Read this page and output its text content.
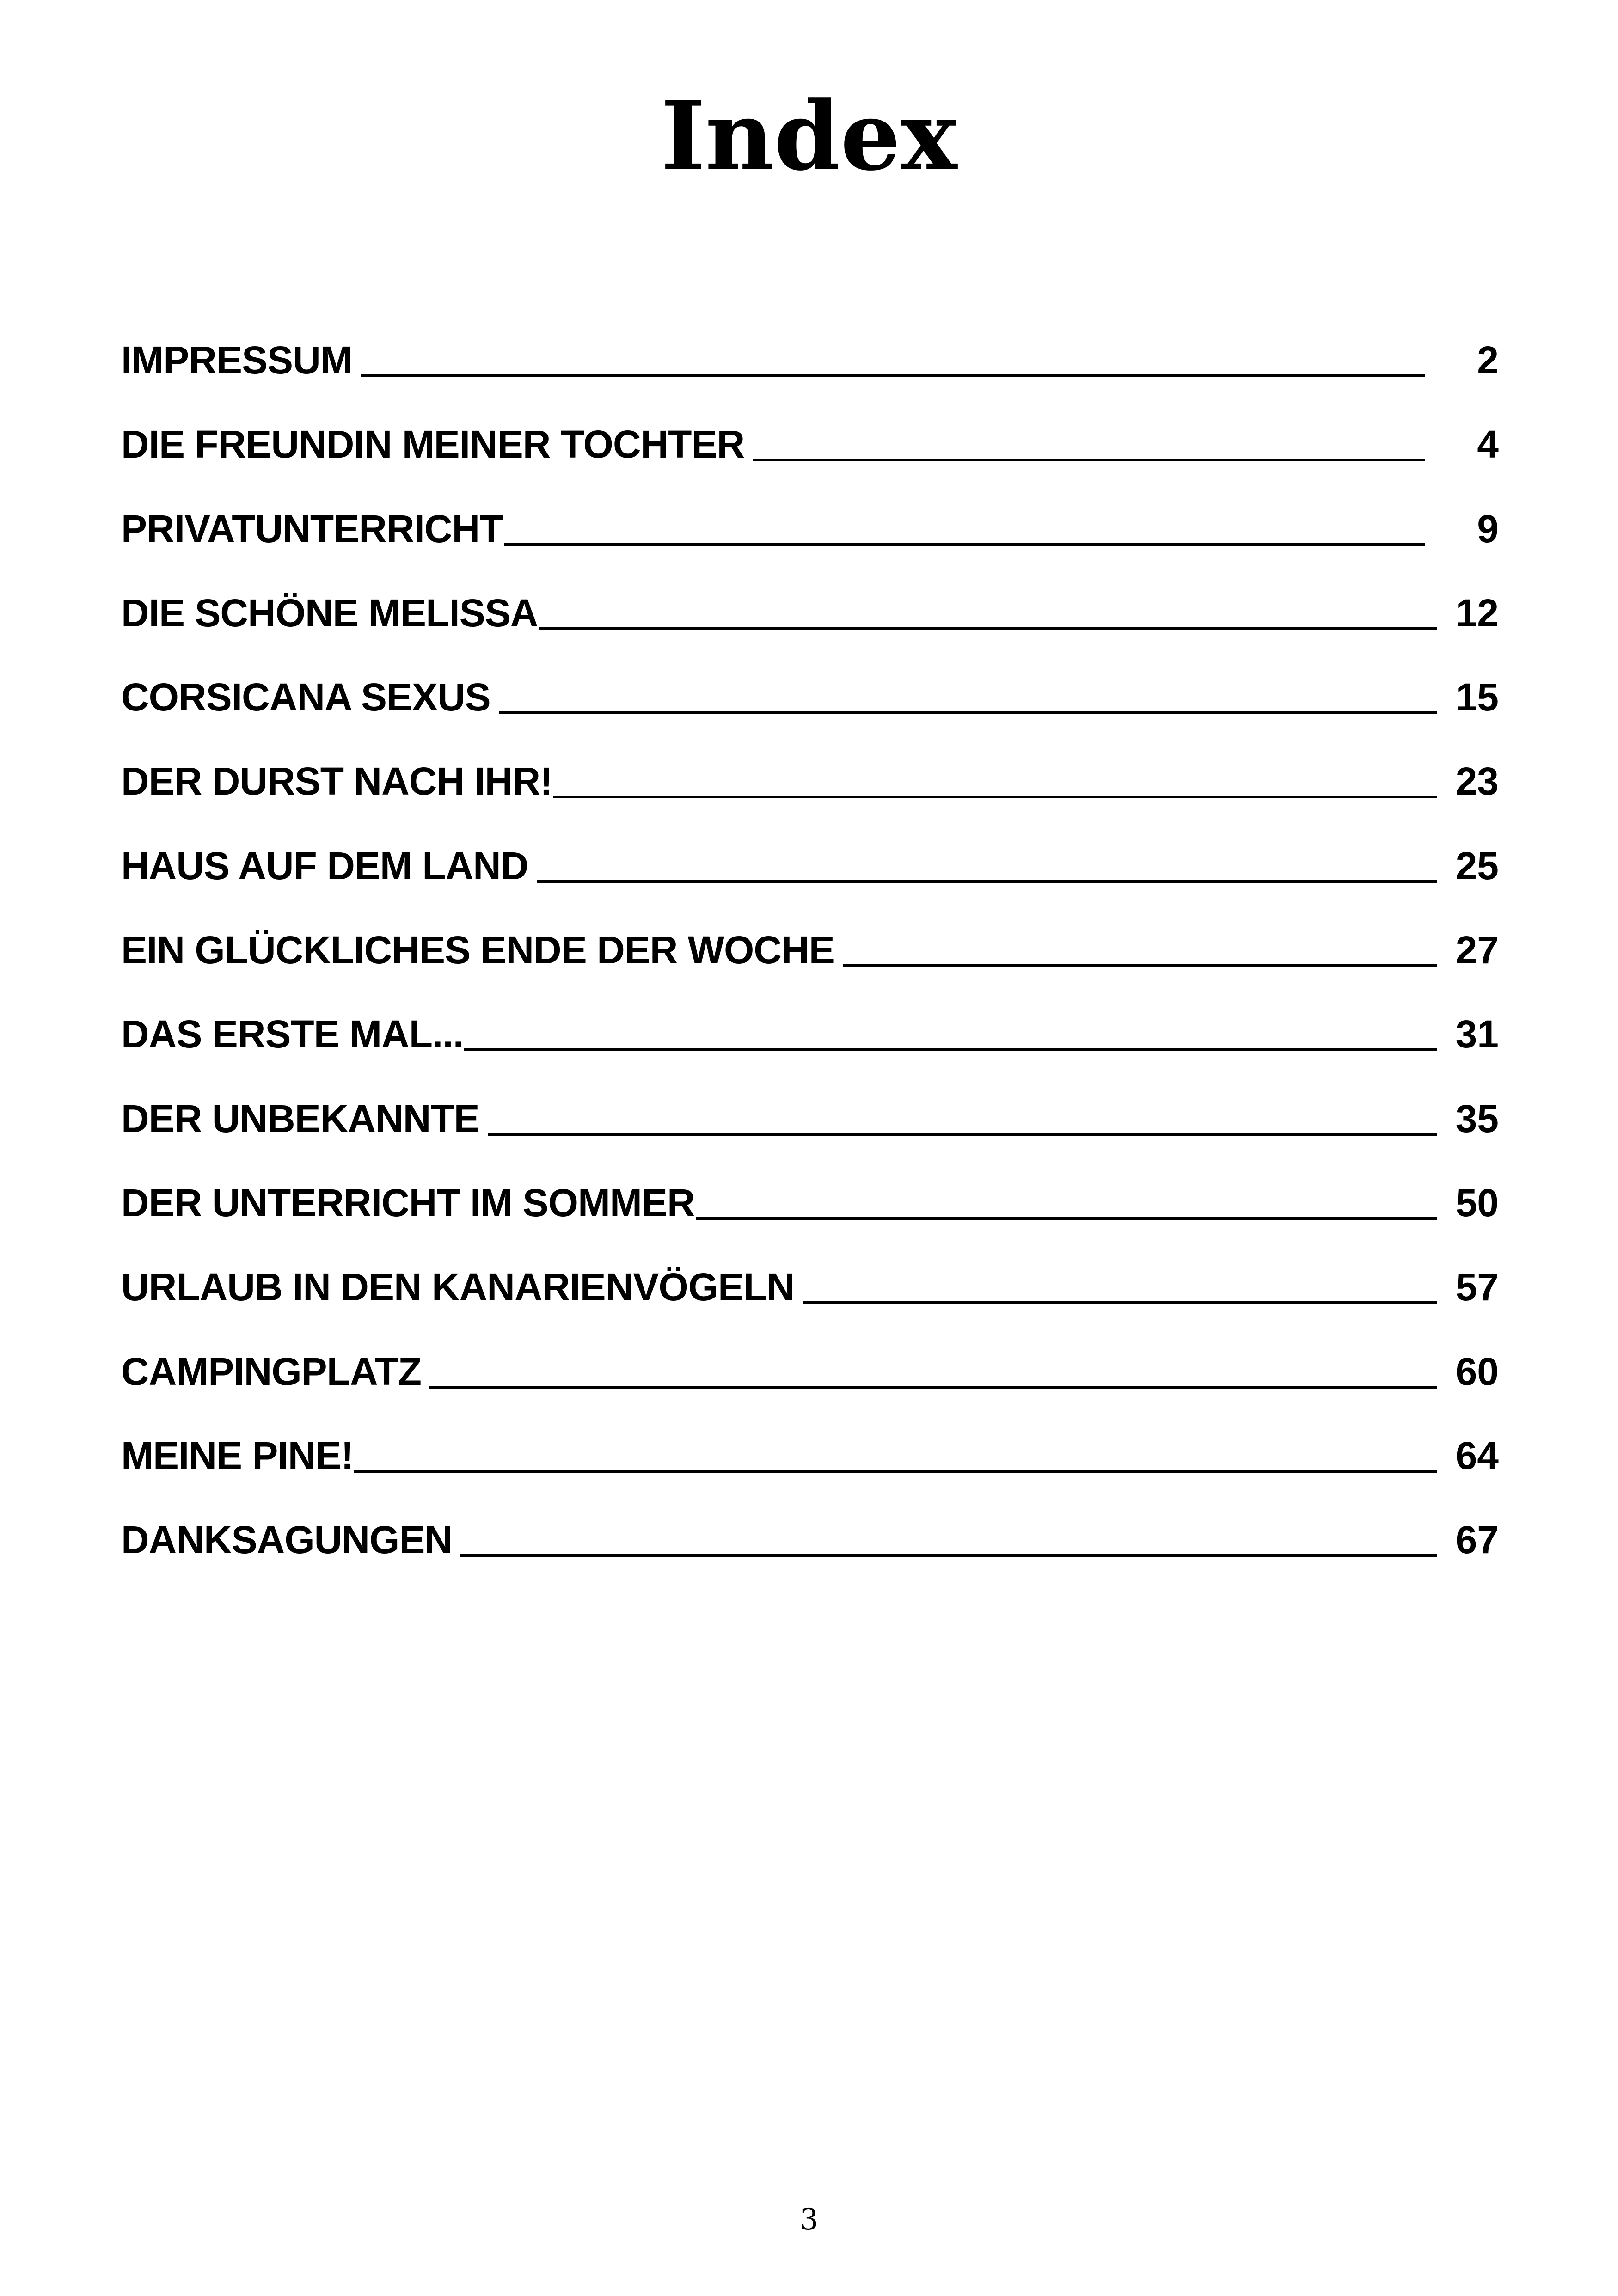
Index
IMPRESSUM	2
DIE FREUNDIN MEINER TOCHTER	4
PRIVATUNTERRICHT	9
DIE SCHÖNE MELISSA	12
CORSICANA SEXUS	15
DER DURST NACH IHR!	23
HAUS AUF DEM LAND	25
EIN GLÜCKLICHES ENDE DER WOCHE	27
DAS ERSTE MAL...	31
DER UNBEKANNTE	35
DER UNTERRICHT IM SOMMER	50
URLAUB IN DEN KANARIENVÖGELN	57
CAMPINGPLATZ	60
MEINE PINE!	64
DANKSAGUNGEN	67
3
